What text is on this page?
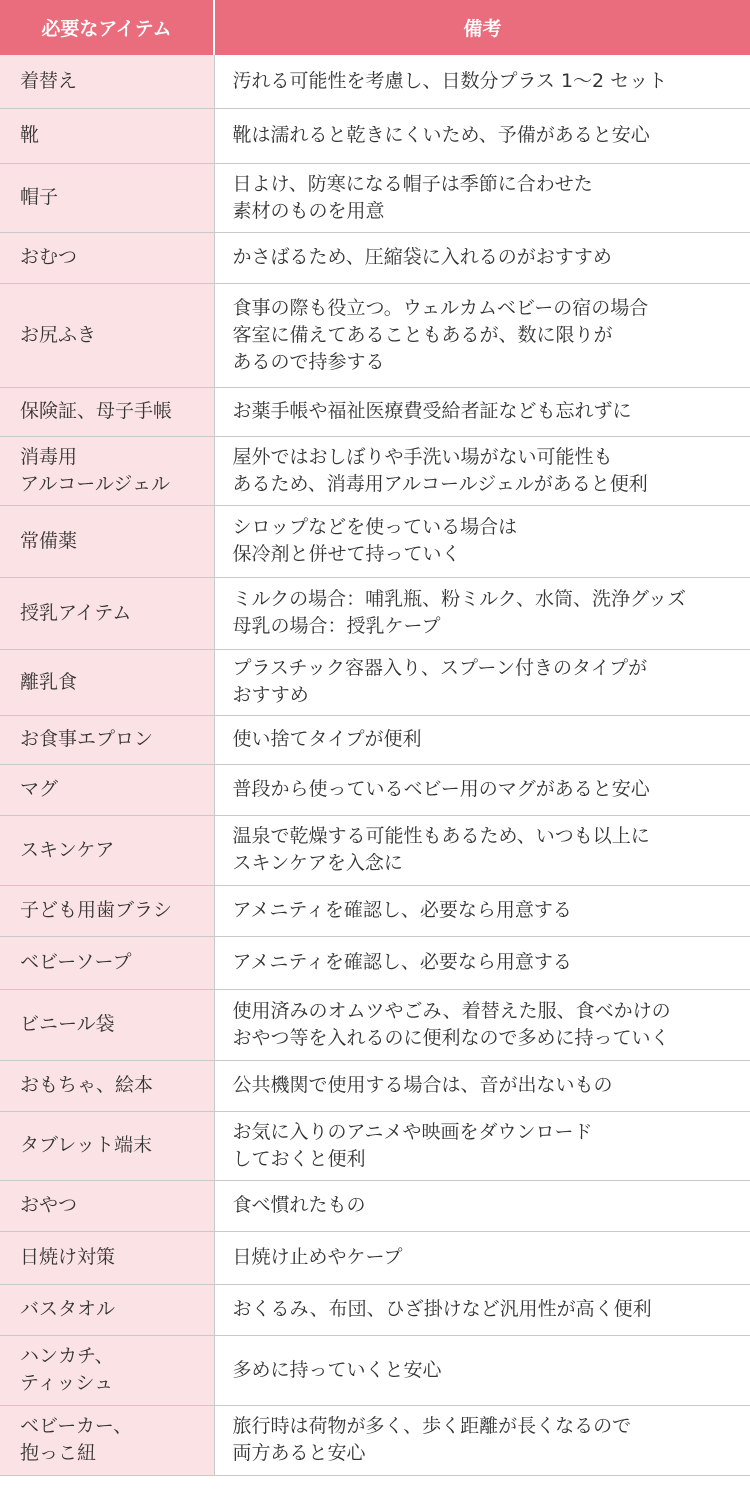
必要なアイテム	備考

着替え	汚れる可能性を考慮し、日数分プラス 1〜2 セット

靴	靴は濡れると乾きにくいため、予備があると安心

帽子	日よけ、防寒になる帽子は季節に合わせた
素材のものを用意

おむつ	かさばるため、圧縮袋に入れるのがおすすめ

お尻ふき	食事の際も役立つ。ウェルカムベビーの宿の場合
客室に備えてあることもあるが、数に限りが
あるので持参する

保険証、母子手帳	お薬手帳や福祉医療費受給者証なども忘れずに

消毒用
アルコールジェル	屋外ではおしぼりや手洗い場がない可能性も
あるため、消毒用アルコールジェルがあると便利

常備薬	シロップなどを使っている場合は
保冷剤と併せて持っていく

授乳アイテム	ミルクの場合：哺乳瓶、粉ミルク、水筒、洗浄グッズ
母乳の場合：授乳ケープ

離乳食	プラスチック容器入り、スプーン付きのタイプが
おすすめ

お食事エプロン	使い捨てタイプが便利

マグ	普段から使っているベビー用のマグがあると安心

スキンケア	温泉で乾燥する可能性もあるため、いつも以上に
スキンケアを入念に

子ども用歯ブラシ	アメニティを確認し、必要なら用意する

ベビーソープ	アメニティを確認し、必要なら用意する

ビニール袋	使用済みのオムツやごみ、着替えた服、食べかけの
おやつ等を入れるのに便利なので多めに持っていく

おもちゃ、絵本	公共機関で使用する場合は、音が出ないもの

タブレット端末	お気に入りのアニメや映画をダウンロード
しておくと便利

おやつ	食べ慣れたもの

日焼け対策	日焼け止めやケープ

バスタオル	おくるみ、布団、ひざ掛けなど汎用性が高く便利

ハンカチ、
ティッシュ	多めに持っていくと安心

ベビーカー、
抱っこ紐	旅行時は荷物が多く、歩く距離が長くなるので
両方あると安心
